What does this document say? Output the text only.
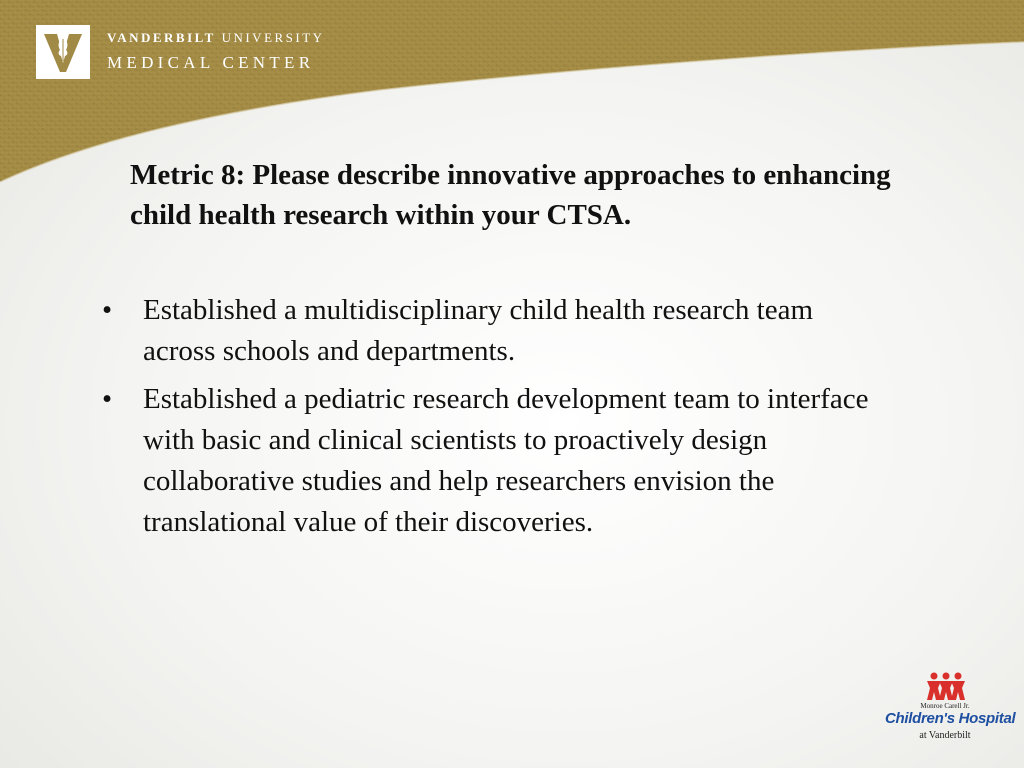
VANDERBILT UNIVERSITY
MEDICAL CENTER
Metric 8: Please describe innovative approaches to enhancing child health research within your CTSA.
• Established a multidisciplinary child health research team across schools and departments.
• Established a pediatric research development team to interface with basic and clinical scientists to proactively design collaborative studies and help researchers envision the translational value of their discoveries.
Monroe Carell Jr.
Children's Hospital
at Vanderbilt
